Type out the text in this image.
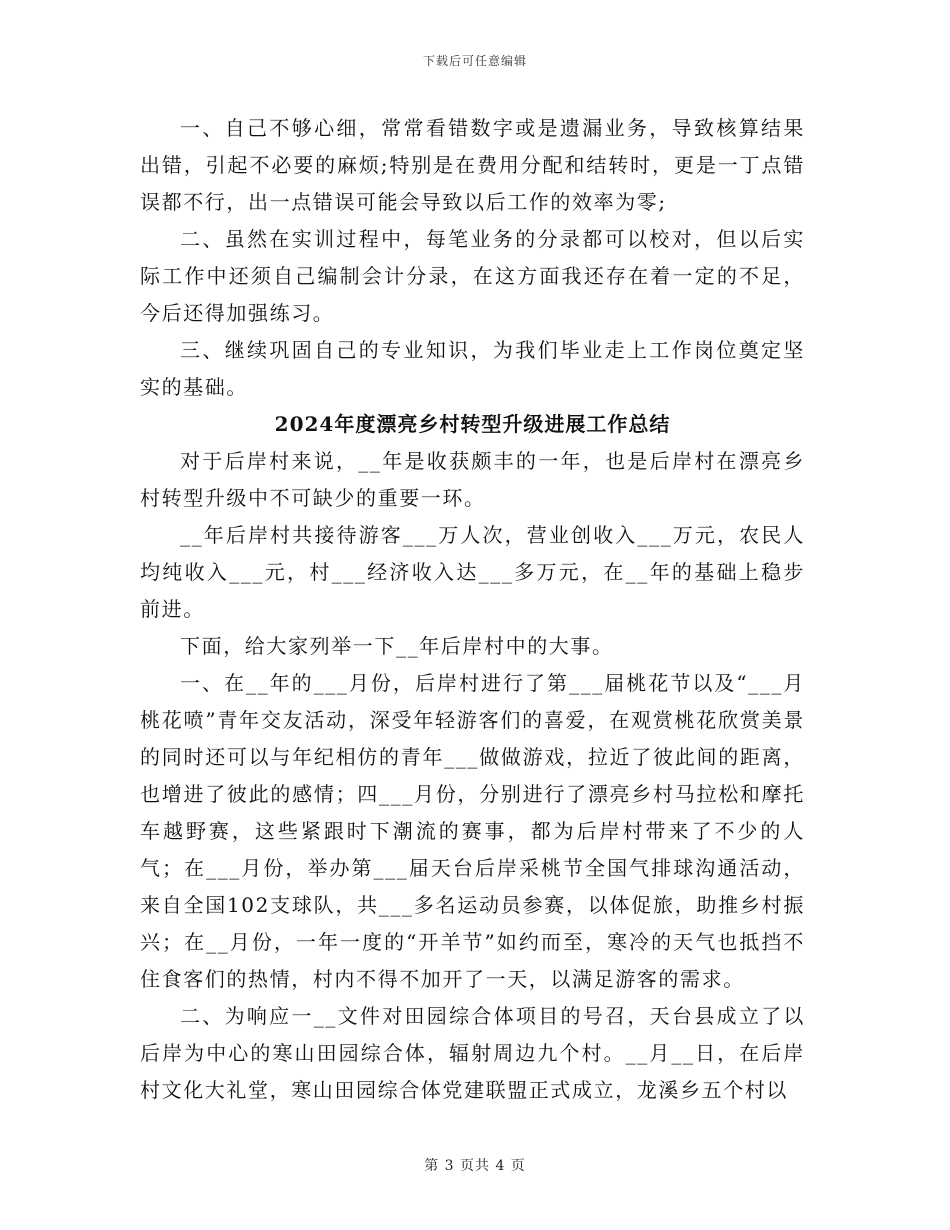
下载后可任意编辑

一、自己不够心细，常常看错数字或是遗漏业务，导致核算结果出错，引起不必要的麻烦;特别是在费用分配和结转时，更是一丁点错误都不行，出一点错误可能会导致以后工作的效率为零;

二、虽然在实训过程中，每笔业务的分录都可以校对，但以后实际工作中还须自己编制会计分录，在这方面我还存在着一定的不足，今后还得加强练习。

三、继续巩固自己的专业知识，为我们毕业走上工作岗位奠定坚实的基础。

2024年度漂亮乡村转型升级进展工作总结

对于后岸村来说，__年是收获颇丰的一年，也是后岸村在漂亮乡村转型升级中不可缺少的重要一环。

__年后岸村共接待游客___万人次，营业创收入___万元，农民人均纯收入___元，村___经济收入达___多万元，在__年的基础上稳步前进。

下面，给大家列举一下__年后岸村中的大事。

一、在__年的___月份，后岸村进行了第___届桃花节以及“___月桃花喷”青年交友活动，深受年轻游客们的喜爱，在观赏桃花欣赏美景的同时还可以与年纪相仿的青年___做做游戏，拉近了彼此间的距离，也增进了彼此的感情；四___月份，分别进行了漂亮乡村马拉松和摩托车越野赛，这些紧跟时下潮流的赛事，都为后岸村带来了不少的人气；在___月份，举办第___届天台后岸采桃节全国气排球沟通活动，来自全国102支球队，共___多名运动员参赛，以体促旅，助推乡村振兴；在__月份，一年一度的“开羊节”如约而至，寒冷的天气也抵挡不住食客们的热情，村内不得不加开了一天，以满足游客的需求。

二、为响应一__文件对田园综合体项目的号召，天台县成立了以后岸为中心的寒山田园综合体，辐射周边九个村。__月__日，在后岸村文化大礼堂，寒山田园综合体党建联盟正式成立，龙溪乡五个村以

第 3 页共 4 页
